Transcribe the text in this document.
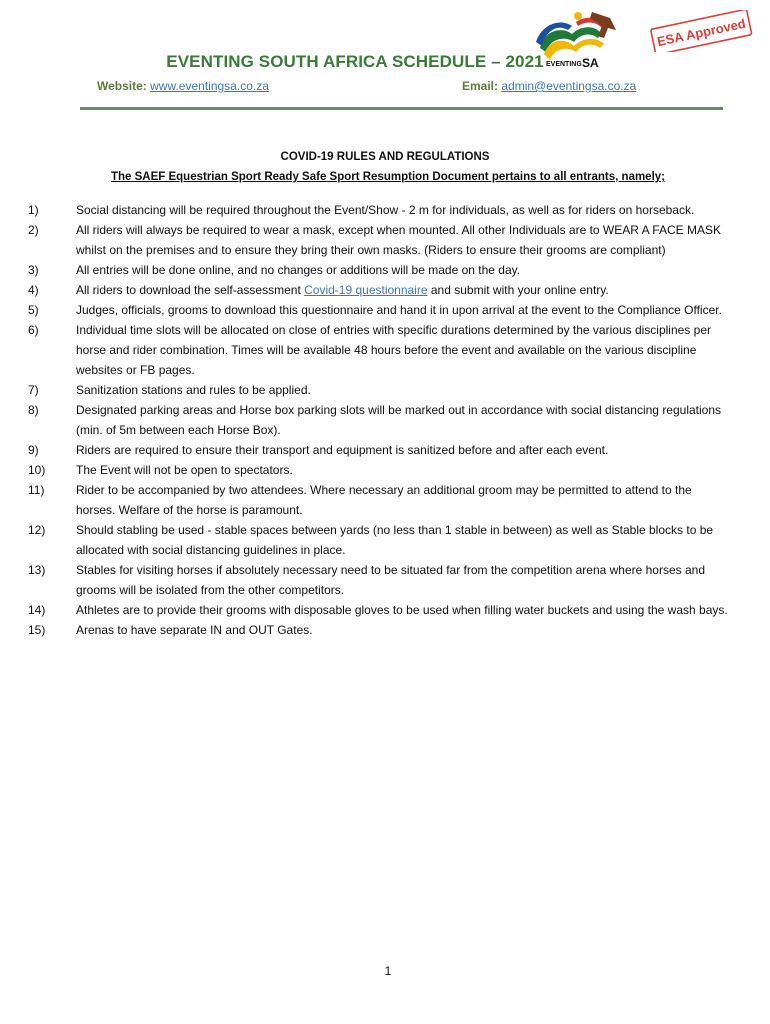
EVENTING SOUTH AFRICA SCHEDULE – 2021
Website: www.eventingsa.co.za	Email: admin@eventingsa.co.za
EVENTING SA
ESA Approved
COVID-19 RULES AND REGULATIONS
The SAEF Equestrian Sport Ready Safe Sport Resumption Document pertains to all entrants, namely;
1)	Social distancing will be required throughout the Event/Show - 2 m for individuals, as well as for riders on horseback.
2)	All riders will always be required to wear a mask, except when mounted. All other Individuals are to WEAR A FACE MASK whilst on the premises and to ensure they bring their own masks. (Riders to ensure their grooms are compliant)
3)	All entries will be done online, and no changes or additions will be made on the day.
4)	All riders to download the self-assessment Covid-19 questionnaire and submit with your online entry.
5)	Judges, officials, grooms to download this questionnaire and hand it in upon arrival at the event to the Compliance Officer.
6)	Individual time slots will be allocated on close of entries with specific durations determined by the various disciplines per horse and rider combination. Times will be available 48 hours before the event and available on the various discipline websites or FB pages.
7)	Sanitization stations and rules to be applied.
8)	Designated parking areas and Horse box parking slots will be marked out in accordance with social distancing regulations (min. of 5m between each Horse Box).
9)	Riders are required to ensure their transport and equipment is sanitized before and after each event.
10)	The Event will not be open to spectators.
11)	Rider to be accompanied by two attendees. Where necessary an additional groom may be permitted to attend to the horses. Welfare of the horse is paramount.
12)	Should stabling be used - stable spaces between yards (no less than 1 stable in between) as well as Stable blocks to be allocated with social distancing guidelines in place.
13)	Stables for visiting horses if absolutely necessary need to be situated far from the competition arena where horses and grooms will be isolated from the other competitors.
14)	Athletes are to provide their grooms with disposable gloves to be used when filling water buckets and using the wash bays.
15)	Arenas to have separate IN and OUT Gates.
1
